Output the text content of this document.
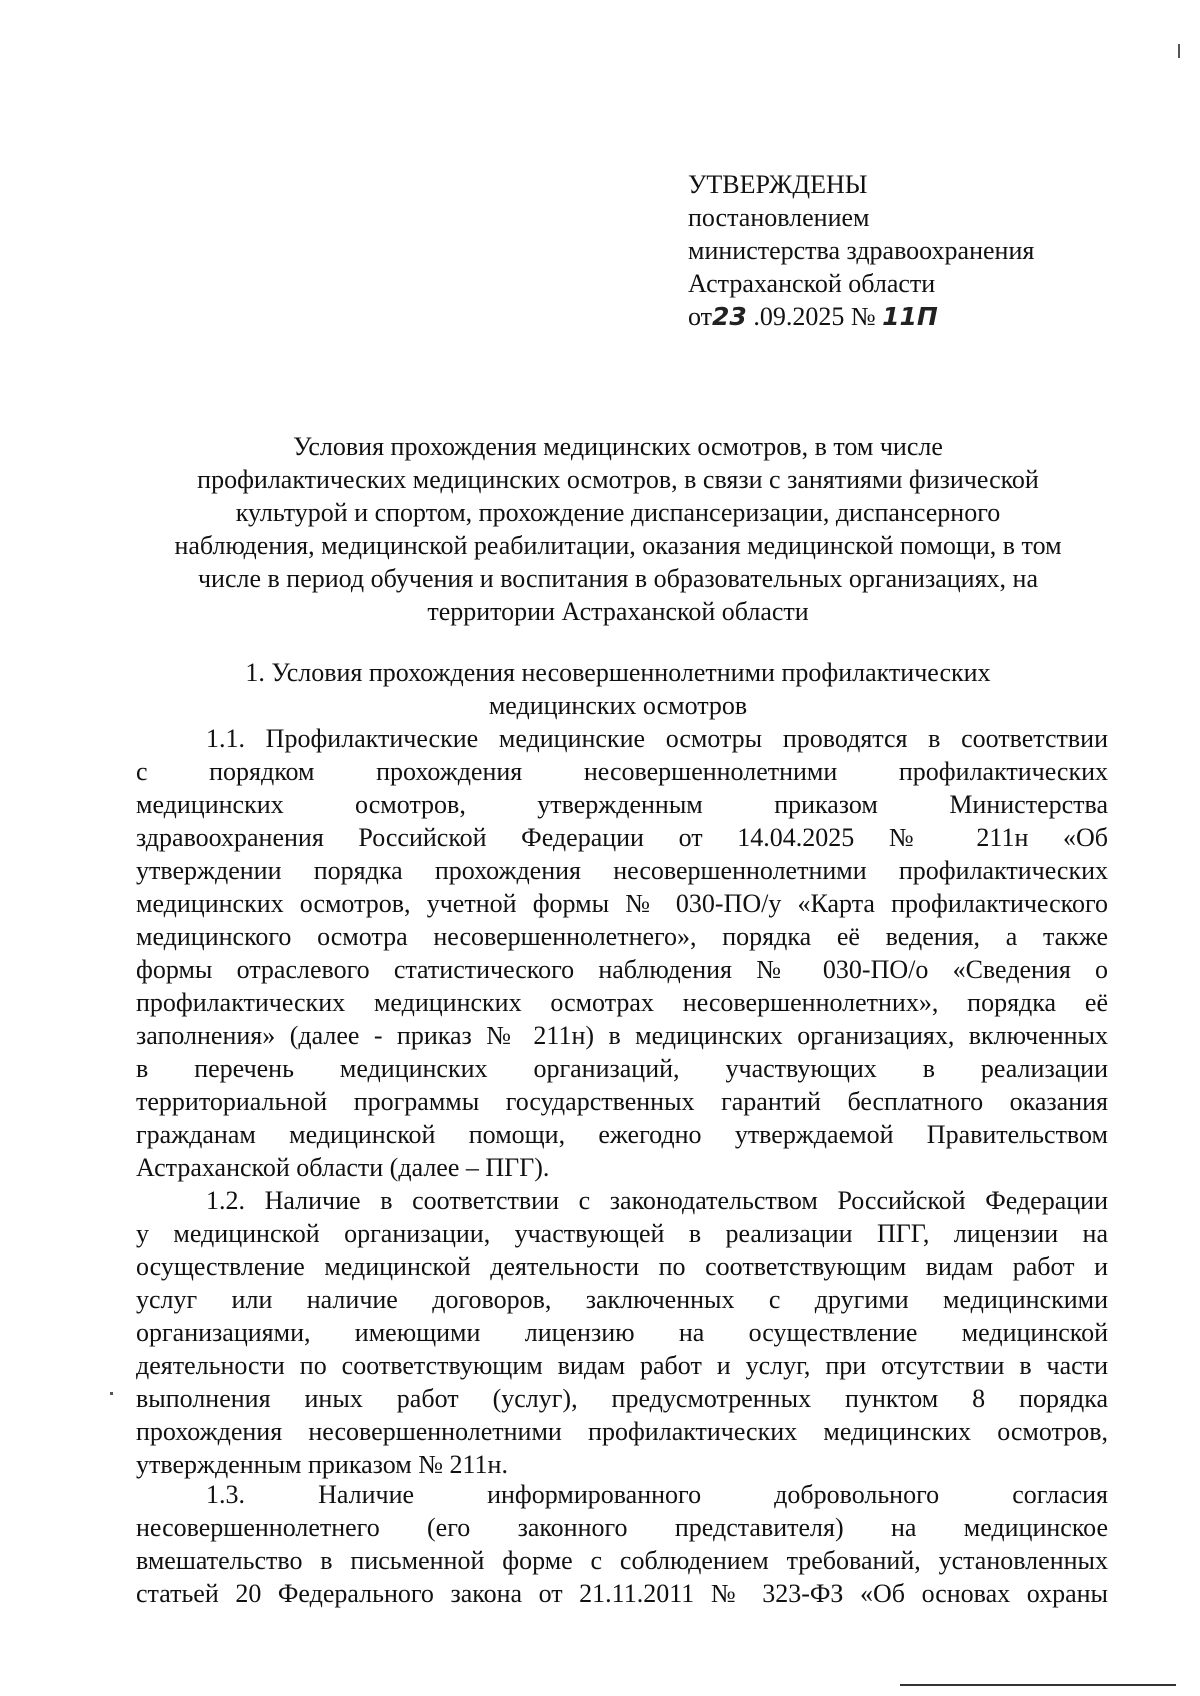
УТВЕРЖДЕНЫ
постановлением
министерства здравоохранения
Астраханской области
от23 .09.2025 № 11П
Условия прохождения медицинских осмотров, в том числе
профилактических медицинских осмотров, в связи с занятиями физической
культурой и спортом, прохождение диспансеризации, диспансерного
наблюдения, медицинской реабилитации, оказания медицинской помощи, в том
числе в период обучения и воспитания в образовательных организациях, на
территории Астраханской области
1. Условия прохождения несовершеннолетними профилактических
медицинских осмотров
1.1. Профилактические медицинские осмотры проводятся в соответствии
с порядком прохождения несовершеннолетними профилактических
медицинских осмотров, утвержденным приказом Министерства
здравоохранения Российской Федерации от 14.04.2025 № 211н «Об
утверждении порядка прохождения несовершеннолетними профилактических
медицинских осмотров, учетной формы № 030-ПО/у «Карта профилактического
медицинского осмотра несовершеннолетнего», порядка её ведения, а также
формы отраслевого статистического наблюдения № 030-ПО/о «Сведения о
профилактических медицинских осмотрах несовершеннолетних», порядка её
заполнения» (далее - приказ № 211н) в медицинских организациях, включенных
в перечень медицинских организаций, участвующих в реализации
территориальной программы государственных гарантий бесплатного оказания
гражданам медицинской помощи, ежегодно утверждаемой Правительством
Астраханской области (далее – ПГГ).
1.2. Наличие в соответствии с законодательством Российской Федерации
у медицинской организации, участвующей в реализации ПГГ, лицензии на
осуществление медицинской деятельности по соответствующим видам работ и
услуг или наличие договоров, заключенных с другими медицинскими
организациями, имеющими лицензию на осуществление медицинской
деятельности по соответствующим видам работ и услуг, при отсутствии в части
выполнения иных работ (услуг), предусмотренных пунктом 8 порядка
прохождения несовершеннолетними профилактических медицинских осмотров,
утвержденным приказом № 211н.
1.3. Наличие информированного добровольного согласия
несовершеннолетнего (его законного представителя) на медицинское
вмешательство в письменной форме с соблюдением требований, установленных
статьей 20 Федерального закона от 21.11.2011 № 323-ФЗ «Об основах охраны
